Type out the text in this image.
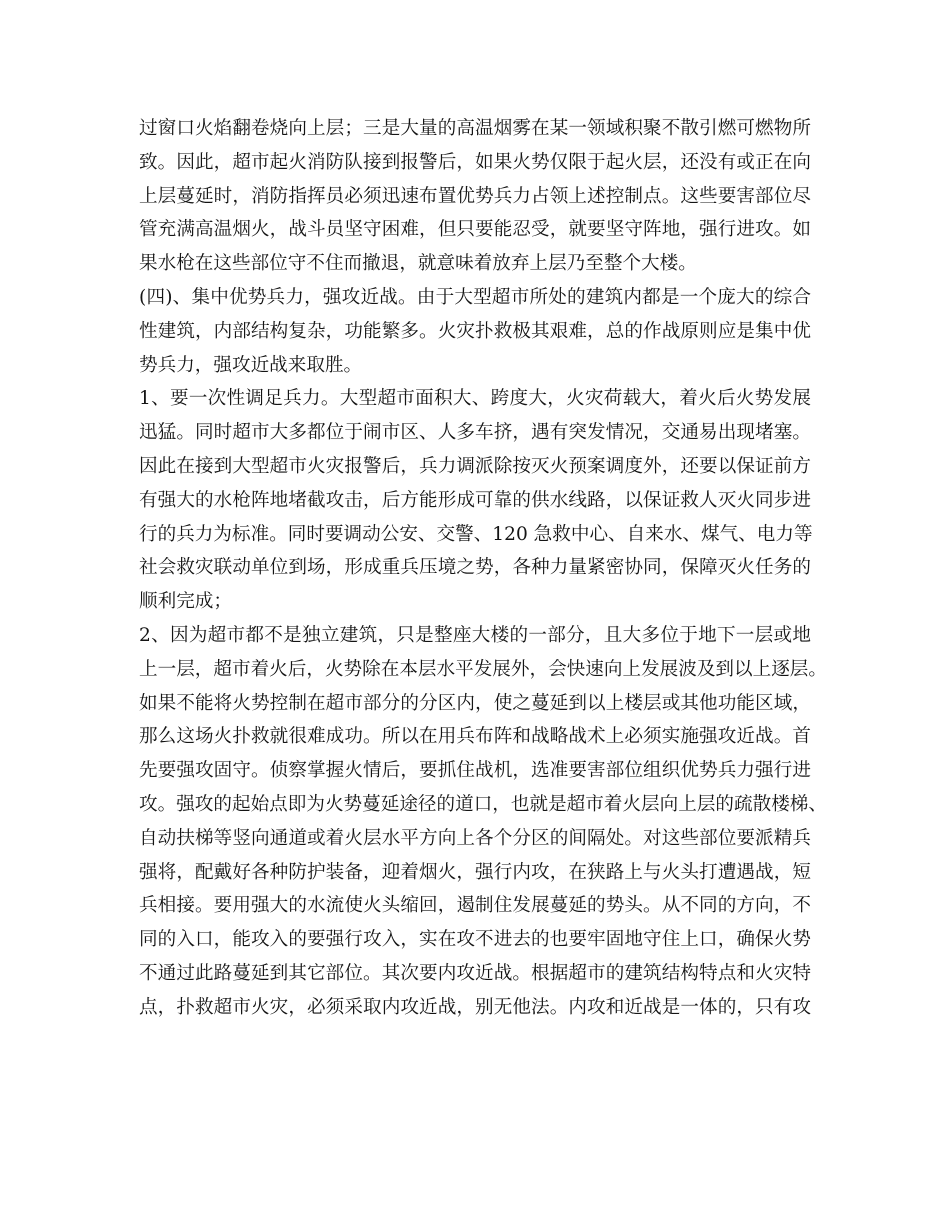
过窗口火焰翻卷烧向上层；三是大量的高温烟雾在某一领域积聚不散引燃可燃物所
致。因此，超市起火消防队接到报警后，如果火势仅限于起火层，还没有或正在向
上层蔓延时，消防指挥员必须迅速布置优势兵力占领上述控制点。这些要害部位尽
管充满高温烟火，战斗员坚守困难，但只要能忍受，就要坚守阵地，强行进攻。如
果水枪在这些部位守不住而撤退，就意味着放弃上层乃至整个大楼。
(四)、集中优势兵力，强攻近战。由于大型超市所处的建筑内都是一个庞大的综合
性建筑，内部结构复杂，功能繁多。火灾扑救极其艰难，总的作战原则应是集中优
势兵力，强攻近战来取胜。
1、要一次性调足兵力。大型超市面积大、跨度大，火灾荷载大，着火后火势发展
迅猛。同时超市大多都位于闹市区、人多车挤，遇有突发情况，交通易出现堵塞。
因此在接到大型超市火灾报警后，兵力调派除按灭火预案调度外，还要以保证前方
有强大的水枪阵地堵截攻击，后方能形成可靠的供水线路，以保证救人灭火同步进
行的兵力为标准。同时要调动公安、交警、120 急救中心、自来水、煤气、电力等
社会救灾联动单位到场，形成重兵压境之势，各种力量紧密协同，保障灭火任务的
顺利完成；
2、因为超市都不是独立建筑，只是整座大楼的一部分，且大多位于地下一层或地
上一层，超市着火后，火势除在本层水平发展外，会快速向上发展波及到以上逐层。
如果不能将火势控制在超市部分的分区内，使之蔓延到以上楼层或其他功能区域，
那么这场火扑救就很难成功。所以在用兵布阵和战略战术上必须实施强攻近战。首
先要强攻固守。侦察掌握火情后，要抓住战机，选准要害部位组织优势兵力强行进
攻。强攻的起始点即为火势蔓延途径的道口，也就是超市着火层向上层的疏散楼梯、
自动扶梯等竖向通道或着火层水平方向上各个分区的间隔处。对这些部位要派精兵
强将，配戴好各种防护装备，迎着烟火，强行内攻，在狭路上与火头打遭遇战，短
兵相接。要用强大的水流使火头缩回，遏制住发展蔓延的势头。从不同的方向，不
同的入口，能攻入的要强行攻入，实在攻不进去的也要牢固地守住上口，确保火势
不通过此路蔓延到其它部位。其次要内攻近战。根据超市的建筑结构特点和火灾特
点，扑救超市火灾，必须采取内攻近战，别无他法。内攻和近战是一体的，只有攻
